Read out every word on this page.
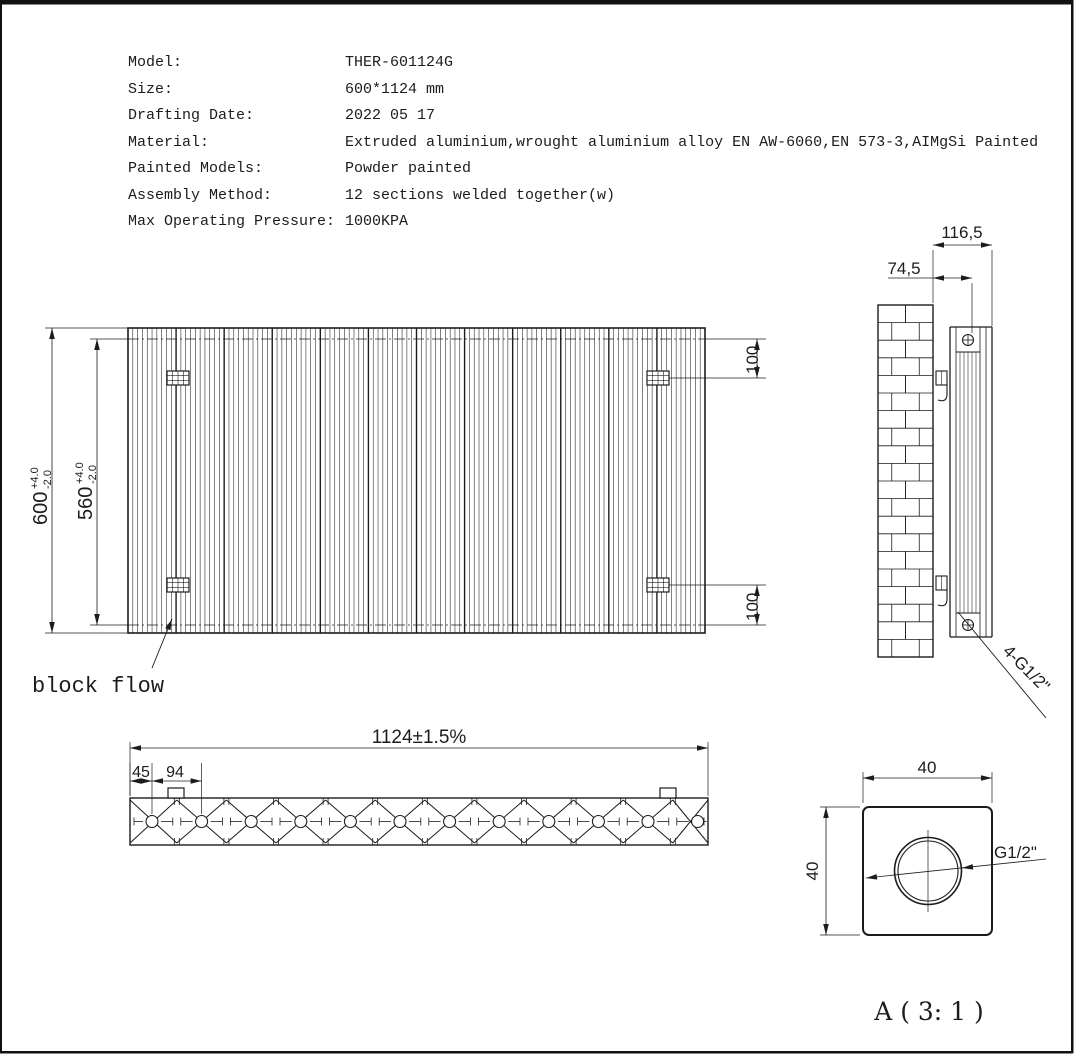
600
+4.0 -2.0
560
+4.0 -2.0
100
100
block flow
116,5
74,5
4-G1/2"
1124±1.5%
45 94	40
40
G1/2"
A ( 3: 1 )
Model:	THER-601124G
Size:	600*1124 mm
Drafting Date:	2022 05 17
Material:	Extruded aluminium,wrought aluminium alloy EN AW-6060,EN 573-3,AIMgSi Painted
Painted Models:	Powder painted
Assembly Method:	12 sections welded together(w)
Max Operating Pressure: 1000KPA
